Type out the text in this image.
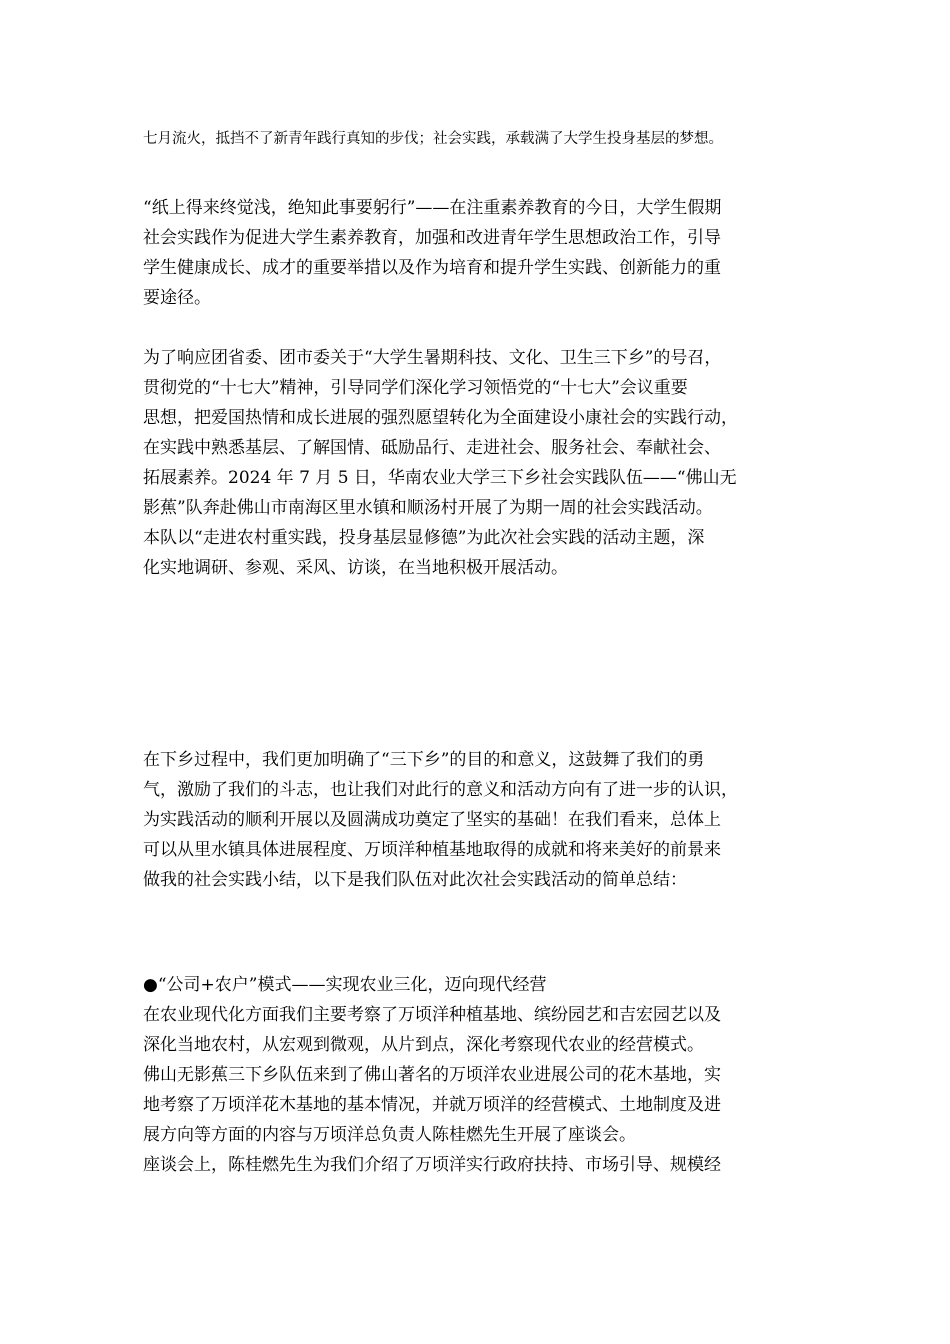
七月流火，抵挡不了新青年践行真知的步伐；社会实践，承载满了大学生投身基层的梦想。

“纸上得来终觉浅，绝知此事要躬行”——在注重素养教育的今日，大学生假期
社会实践作为促进大学生素养教育，加强和改进青年学生思想政治工作，引导
学生健康成长、成才的重要举措以及作为培育和提升学生实践、创新能力的重
要途径。

为了响应团省委、团市委关于“大学生暑期科技、文化、卫生三下乡”的号召，
贯彻党的“十七大”精神，引导同学们深化学习领悟党的“十七大”会议重要
思想，把爱国热情和成长进展的强烈愿望转化为全面建设小康社会的实践行动，
在实践中熟悉基层、了解国情、砥励品行、走进社会、服务社会、奉献社会、
拓展素养。2024 年 7 月 5 日，华南农业大学三下乡社会实践队伍——“佛山无
影蕉”队奔赴佛山市南海区里水镇和顺汤村开展了为期一周的社会实践活动。
本队以“走进农村重实践，投身基层显修德”为此次社会实践的活动主题，深
化实地调研、参观、采风、访谈，在当地积极开展活动。

在下乡过程中，我们更加明确了“三下乡”的目的和意义，这鼓舞了我们的勇
气，激励了我们的斗志，也让我们对此行的意义和活动方向有了进一步的认识，
为实践活动的顺利开展以及圆满成功奠定了坚实的基础！在我们看来，总体上
可以从里水镇具体进展程度、万顷洋种植基地取得的成就和将来美好的前景来
做我的社会实践小结，以下是我们队伍对此次社会实践活动的简单总结：

●“公司+农户”模式——实现农业三化，迈向现代经营
在农业现代化方面我们主要考察了万顷洋种植基地、缤纷园艺和吉宏园艺以及
深化当地农村，从宏观到微观，从片到点，深化考察现代农业的经营模式。
佛山无影蕉三下乡队伍来到了佛山著名的万顷洋农业进展公司的花木基地，实
地考察了万顷洋花木基地的基本情况，并就万顷洋的经营模式、土地制度及进
展方向等方面的内容与万顷洋总负责人陈桂燃先生开展了座谈会。
座谈会上，陈桂燃先生为我们介绍了万顷洋实行政府扶持、市场引导、规模经
